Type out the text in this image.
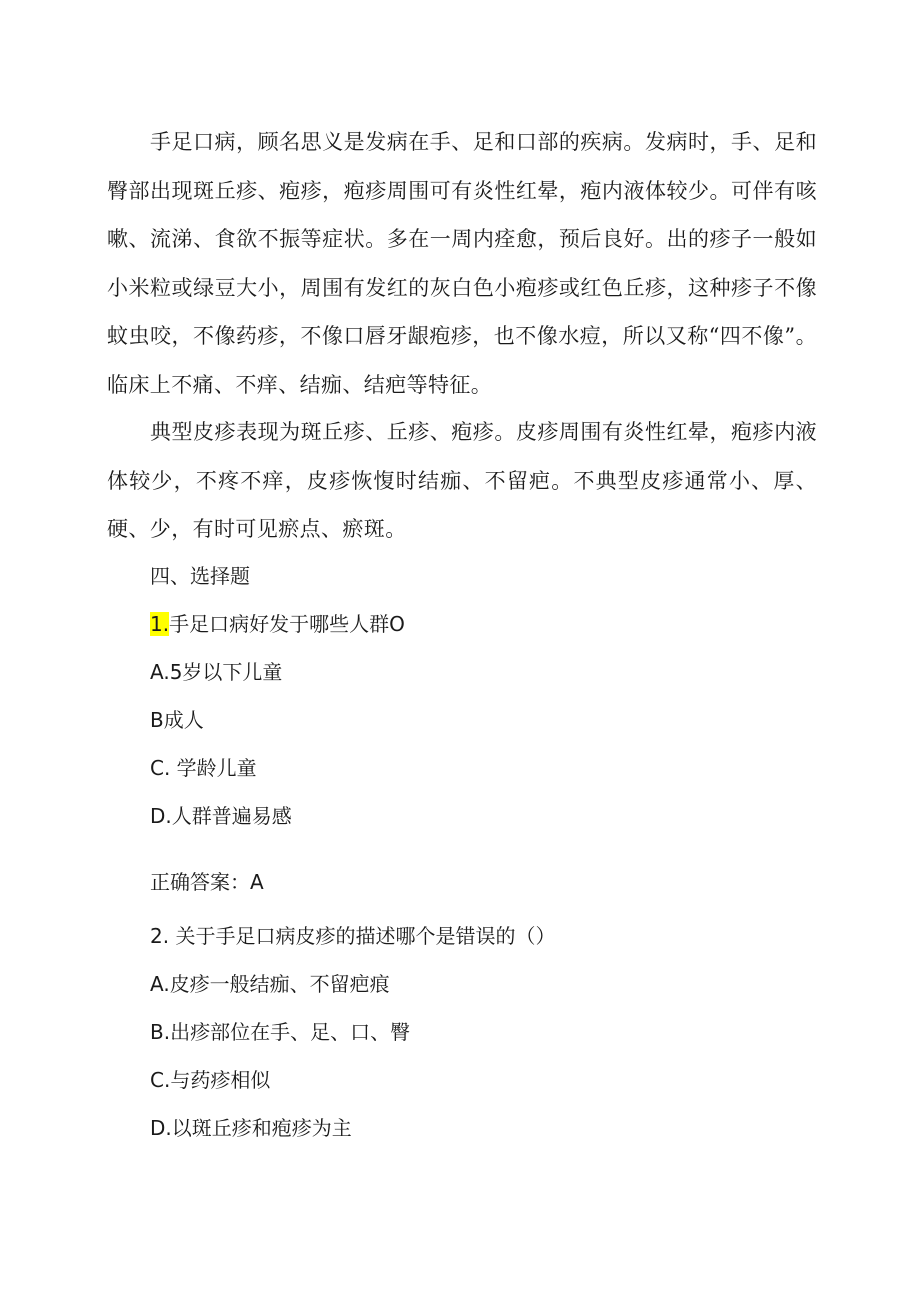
手足口病，顾名思义是发病在手、足和口部的疾病。发病时，手、足和臀部出现斑丘疹、疱疹，疱疹周围可有炎性红晕，疱内液体较少。可伴有咳嗽、流涕、食欲不振等症状。多在一周内痊愈，预后良好。出的疹子一般如小米粒或绿豆大小，周围有发红的灰白色小疱疹或红色丘疹，这种疹子不像蚊虫咬，不像药疹，不像口唇牙龈疱疹，也不像水痘，所以又称“四不像”。临床上不痛、不痒、结痂、结疤等特征。

典型皮疹表现为斑丘疹、丘疹、疱疹。皮疹周围有炎性红晕，疱疹内液体较少，不疼不痒，皮疹恢愎时结痂、不留疤。不典型皮疹通常小、厚、硬、少，有时可见瘀点、瘀斑。

四、选择题
1.手足口病好发于哪些人群O
A.5岁以下儿童
B成人
C. 学龄儿童
D.人群普遍易感
正确答案：A
2. 关于手足口病皮疹的描述哪个是错误的（）
A.皮疹一般结痂、不留疤痕
B.出疹部位在手、足、口、臀
C.与药疹相似
D.以斑丘疹和疱疹为主
